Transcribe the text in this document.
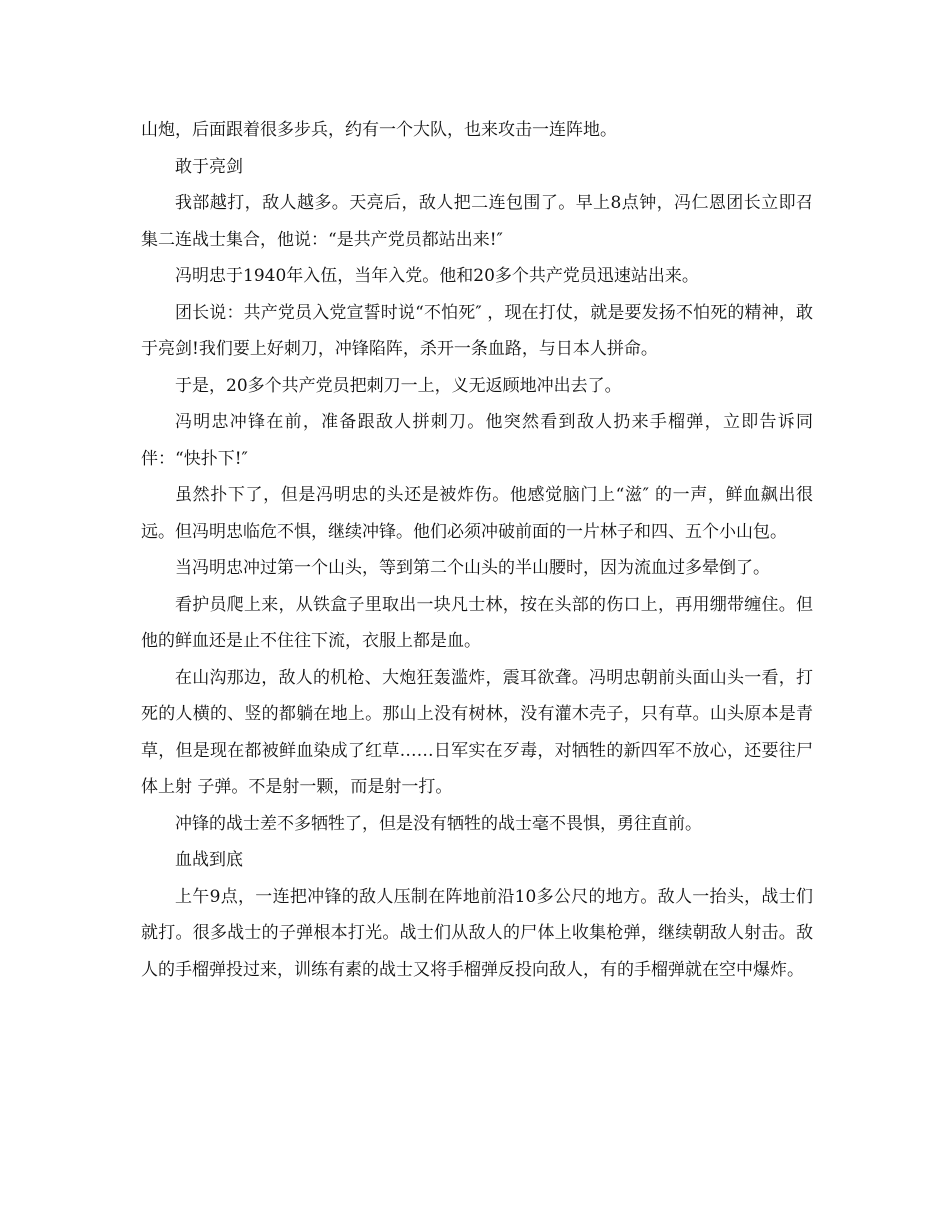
山炮，后面跟着很多步兵，约有一个大队，也来攻击一连阵地。

敢于亮剑

我部越打，敌人越多。天亮后，敌人把二连包围了。早上8点钟，冯仁恩团长立即召集二连战士集合，他说：“是共产党员都站出来!″

冯明忠于1940年入伍，当年入党。他和20多个共产党员迅速站出来。

团长说：共产党员入党宣誓时说“不怕死″ ，现在打仗，就是要发扬不怕死的精神，敢于亮剑!我们要上好刺刀，冲锋陷阵，杀开一条血路，与日本人拼命。

于是，20多个共产党员把刺刀一上，义无返顾地冲出去了。

冯明忠冲锋在前，准备跟敌人拼刺刀。他突然看到敌人扔来手榴弹，立即告诉同伴：“快扑下!″

虽然扑下了，但是冯明忠的头还是被炸伤。他感觉脑门上“滋″ 的一声，鲜血飙出很远。但冯明忠临危不惧，继续冲锋。他们必须冲破前面的一片林子和四、五个小山包。

当冯明忠冲过第一个山头，等到第二个山头的半山腰时，因为流血过多晕倒了。

看护员爬上来，从铁盒子里取出一块凡士林，按在头部的伤口上，再用绷带缠住。但他的鲜血还是止不住往下流，衣服上都是血。

在山沟那边，敌人的机枪、大炮狂轰滥炸，震耳欲聋。冯明忠朝前头面山头一看，打死的人横的、竖的都躺在地上。那山上没有树林，没有灌木壳子，只有草。山头原本是青草，但是现在都被鲜血染成了红草……日军实在歹毒，对牺牲的新四军不放心，还要往尸体上射 子弹。不是射一颗，而是射一打。

冲锋的战士差不多牺牲了，但是没有牺牲的战士毫不畏惧，勇往直前。

血战到底

上午9点，一连把冲锋的敌人压制在阵地前沿10多公尺的地方。敌人一抬头，战士们就打。很多战士的子弹根本打光。战士们从敌人的尸体上收集枪弹，继续朝敌人射击。敌人的手榴弹投过来，训练有素的战士又将手榴弹反投向敌人，有的手榴弹就在空中爆炸。
